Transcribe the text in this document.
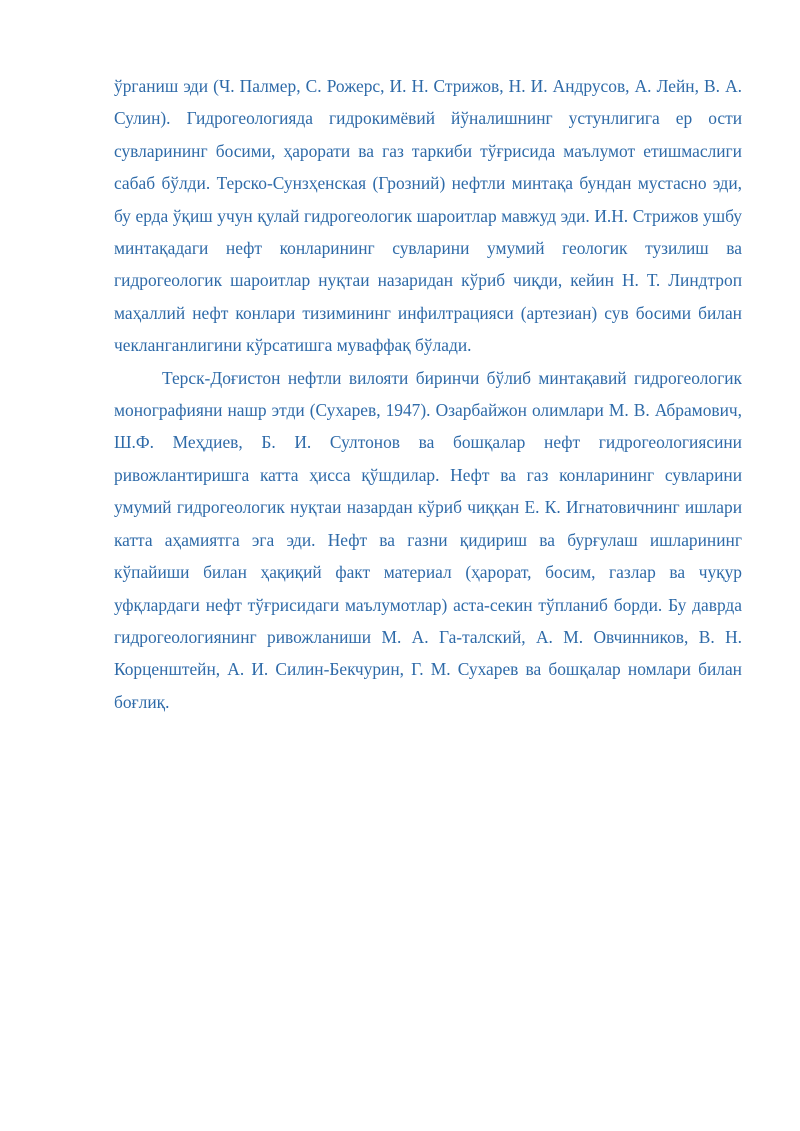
ўрганиш эди (Ч. Палмер, С. Рожерс, И. Н. Стрижов, Н. И. Андрусов, А. Лейн, В. А. Сулин). Гидрогеологияда гидрокимёвий йўналишнинг устунлигига ер ости сувларининг босими, ҳарорати ва газ таркиби тўғрисида маълумот етишмаслиги сабаб бўлди. Терско-Сунзҳенская (Грозний) нефтли минтақа бундан мустасно эди, бу ерда ўқиш учун қулай гидрогеологик шароитлар мавжуд эди. И.Н. Стрижов ушбу минтақадаги нефт конларининг сувларини умумий геологик тузилиш ва гидрогеологик шароитлар нуқтаи назаридан кўриб чиқди, кейин Н. Т. Линдтроп маҳаллий нефт конлари тизимининг инфилтрацияси (артезиан) сув босими билан чекланганлигини кўрсатишга муваффақ бўлади.

Терск-Доғистон нефтли вилояти биринчи бўлиб минтақавий гидрогеологик монографияни нашр этди (Сухарев, 1947). Озарбайжон олимлари М. В. Абрамович, Ш.Ф. Меҳдиев, Б. И. Султонов ва бошқалар нефт гидрогеологиясини ривожлантиришга катта ҳисса қўшдилар. Нефт ва газ конларининг сувларини умумий гидрогеологик нуқтаи назардан кўриб чиққан Е. К. Игнатовичнинг ишлари катта аҳамиятга эга эди. Нефт ва газни қидириш ва бурғулаш ишларининг кўпайиши билан ҳақиқий факт материал (ҳарорат, босим, газлар ва чуқур уфқлардаги нефт тўғрисидаги маълумотлар) аста-секин тўпланиб борди. Бу даврда гидрогеологиянинг ривожланиши М. А. Га-талский, А. М. Овчинников, В. Н. Корценштейн, А. И. Силин-Бекчурин, Г. М. Сухарев ва бошқалар номлари билан боғлиқ.
